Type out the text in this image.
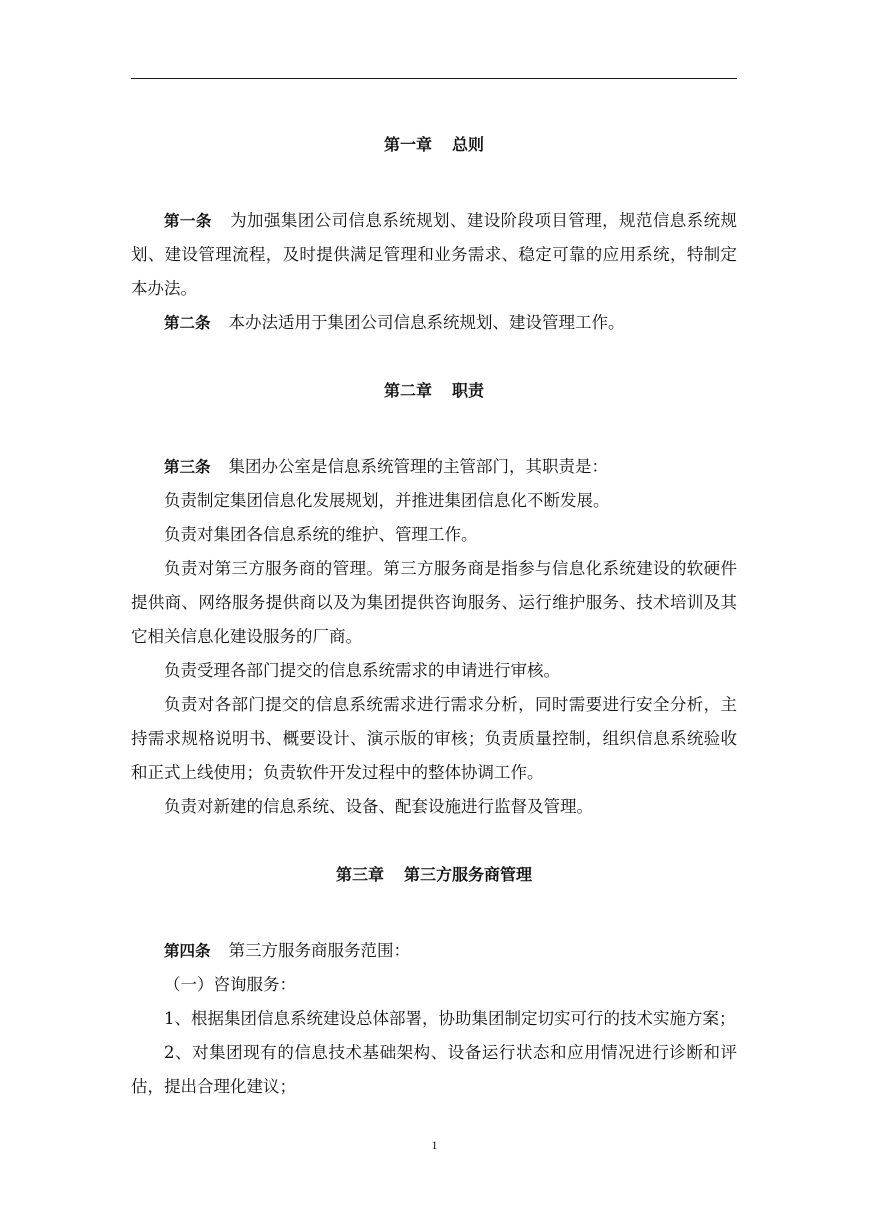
第一章 总则

第一条 为加强集团公司信息系统规划、建设阶段项目管理，规范信息系统规划、建设管理流程，及时提供满足管理和业务需求、稳定可靠的应用系统，特制定本办法。

第二条 本办法适用于集团公司信息系统规划、建设管理工作。

第二章 职责

第三条 集团办公室是信息系统管理的主管部门，其职责是：

负责制定集团信息化发展规划，并推进集团信息化不断发展。

负责对集团各信息系统的维护、管理工作。

负责对第三方服务商的管理。第三方服务商是指参与信息化系统建设的软硬件提供商、网络服务提供商以及为集团提供咨询服务、运行维护服务、技术培训及其它相关信息化建设服务的厂商。

负责受理各部门提交的信息系统需求的申请进行审核。

负责对各部门提交的信息系统需求进行需求分析，同时需要进行安全分析，主持需求规格说明书、概要设计、演示版的审核；负责质量控制，组织信息系统验收和正式上线使用；负责软件开发过程中的整体协调工作。

负责对新建的信息系统、设备、配套设施进行监督及管理。

第三章 第三方服务商管理

第四条 第三方服务商服务范围：

（一）咨询服务：

1、根据集团信息系统建设总体部署，协助集团制定切实可行的技术实施方案；

2、对集团现有的信息技术基础架构、设备运行状态和应用情况进行诊断和评估，提出合理化建议；

1
